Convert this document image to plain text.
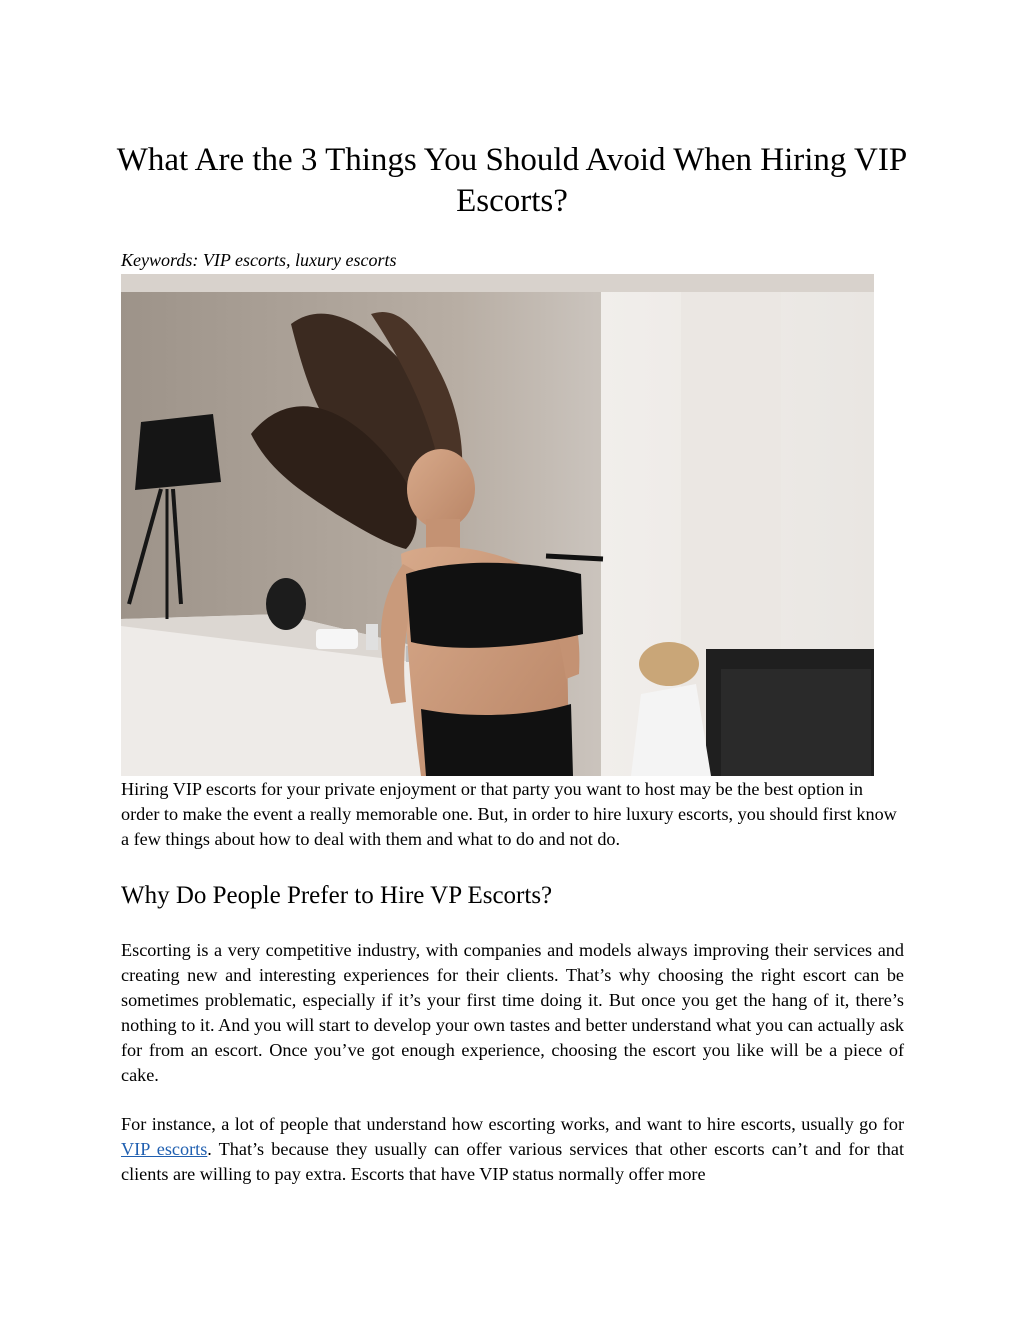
What Are the 3 Things You Should Avoid When Hiring VIP Escorts?

Keywords: VIP escorts, luxury escorts

Hiring VIP escorts for your private enjoyment or that party you want to host may be the best option in order to make the event a really memorable one. But, in order to hire luxury escorts, you should first know a few things about how to deal with them and what to do and not do.

Why Do People Prefer to Hire VP Escorts?

Escorting is a very competitive industry, with companies and models always improving their services and creating new and interesting experiences for their clients. That’s why choosing the right escort can be sometimes problematic, especially if it’s your first time doing it. But once you get the hang of it, there’s nothing to it. And you will start to develop your own tastes and better understand what you can actually ask for from an escort. Once you’ve got enough experience, choosing the escort you like will be a piece of cake.

For instance, a lot of people that understand how escorting works, and want to hire escorts, usually go for VIP escorts. That’s because they usually can offer various services that other escorts can’t and for that clients are willing to pay extra. Escorts that have VIP status normally offer more
